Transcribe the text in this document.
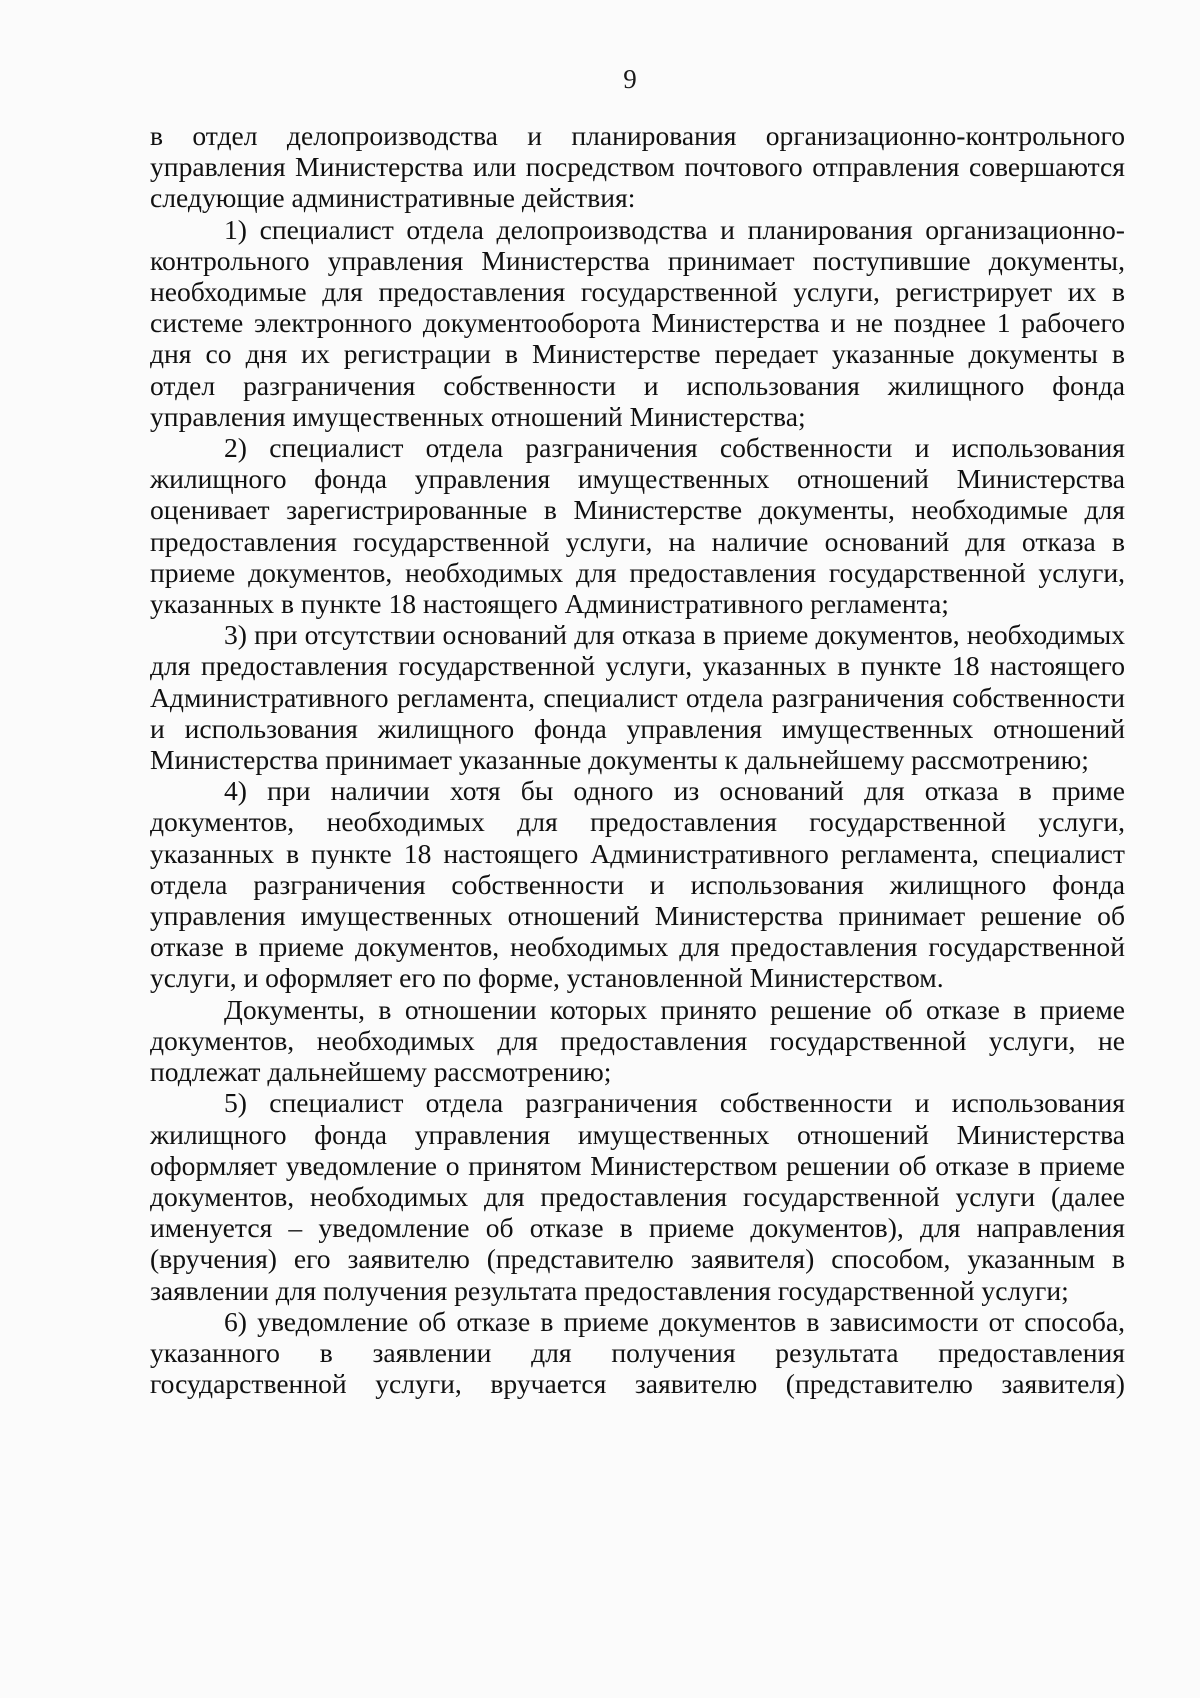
9

в отдел делопроизводства и планирования организационно-контрольного управления Министерства или посредством почтового отправления совершаются следующие административные действия:

1) специалист отдела делопроизводства и планирования организационно-контрольного управления Министерства принимает поступившие документы, необходимые для предоставления государственной услуги, регистрирует их в системе электронного документооборота Министерства и не позднее 1 рабочего дня со дня их регистрации в Министерстве передает указанные документы в отдел разграничения собственности и использования жилищного фонда управления имущественных отношений Министерства;

2) специалист отдела разграничения собственности и использования жилищного фонда управления имущественных отношений Министерства оценивает зарегистрированные в Министерстве документы, необходимые для предоставления государственной услуги, на наличие оснований для отказа в приеме документов, необходимых для предоставления государственной услуги, указанных в пункте 18 настоящего Административного регламента;

3) при отсутствии оснований для отказа в приеме документов, необходимых для предоставления государственной услуги, указанных в пункте 18 настоящего Административного регламента, специалист отдела разграничения собственности и использования жилищного фонда управления имущественных отношений Министерства принимает указанные документы к дальнейшему рассмотрению;

4) при наличии хотя бы одного из оснований для отказа в приме документов, необходимых для предоставления государственной услуги, указанных в пункте 18 настоящего Административного регламента, специалист отдела разграничения собственности и использования жилищного фонда управления имущественных отношений Министерства принимает решение об отказе в приеме документов, необходимых для предоставления государственной услуги, и оформляет его по форме, установленной Министерством.

Документы, в отношении которых принято решение об отказе в приеме документов, необходимых для предоставления государственной услуги, не подлежат дальнейшему рассмотрению;

5) специалист отдела разграничения собственности и использования жилищного фонда управления имущественных отношений Министерства оформляет уведомление о принятом Министерством решении об отказе в приеме документов, необходимых для предоставления государственной услуги (далее именуется – уведомление об отказе в приеме документов), для направления (вручения) его заявителю (представителю заявителя) способом, указанным в заявлении для получения результата предоставления государственной услуги;

6) уведомление об отказе в приеме документов в зависимости от способа, указанного в заявлении для получения результата предоставления государственной услуги, вручается заявителю (представителю заявителя)
